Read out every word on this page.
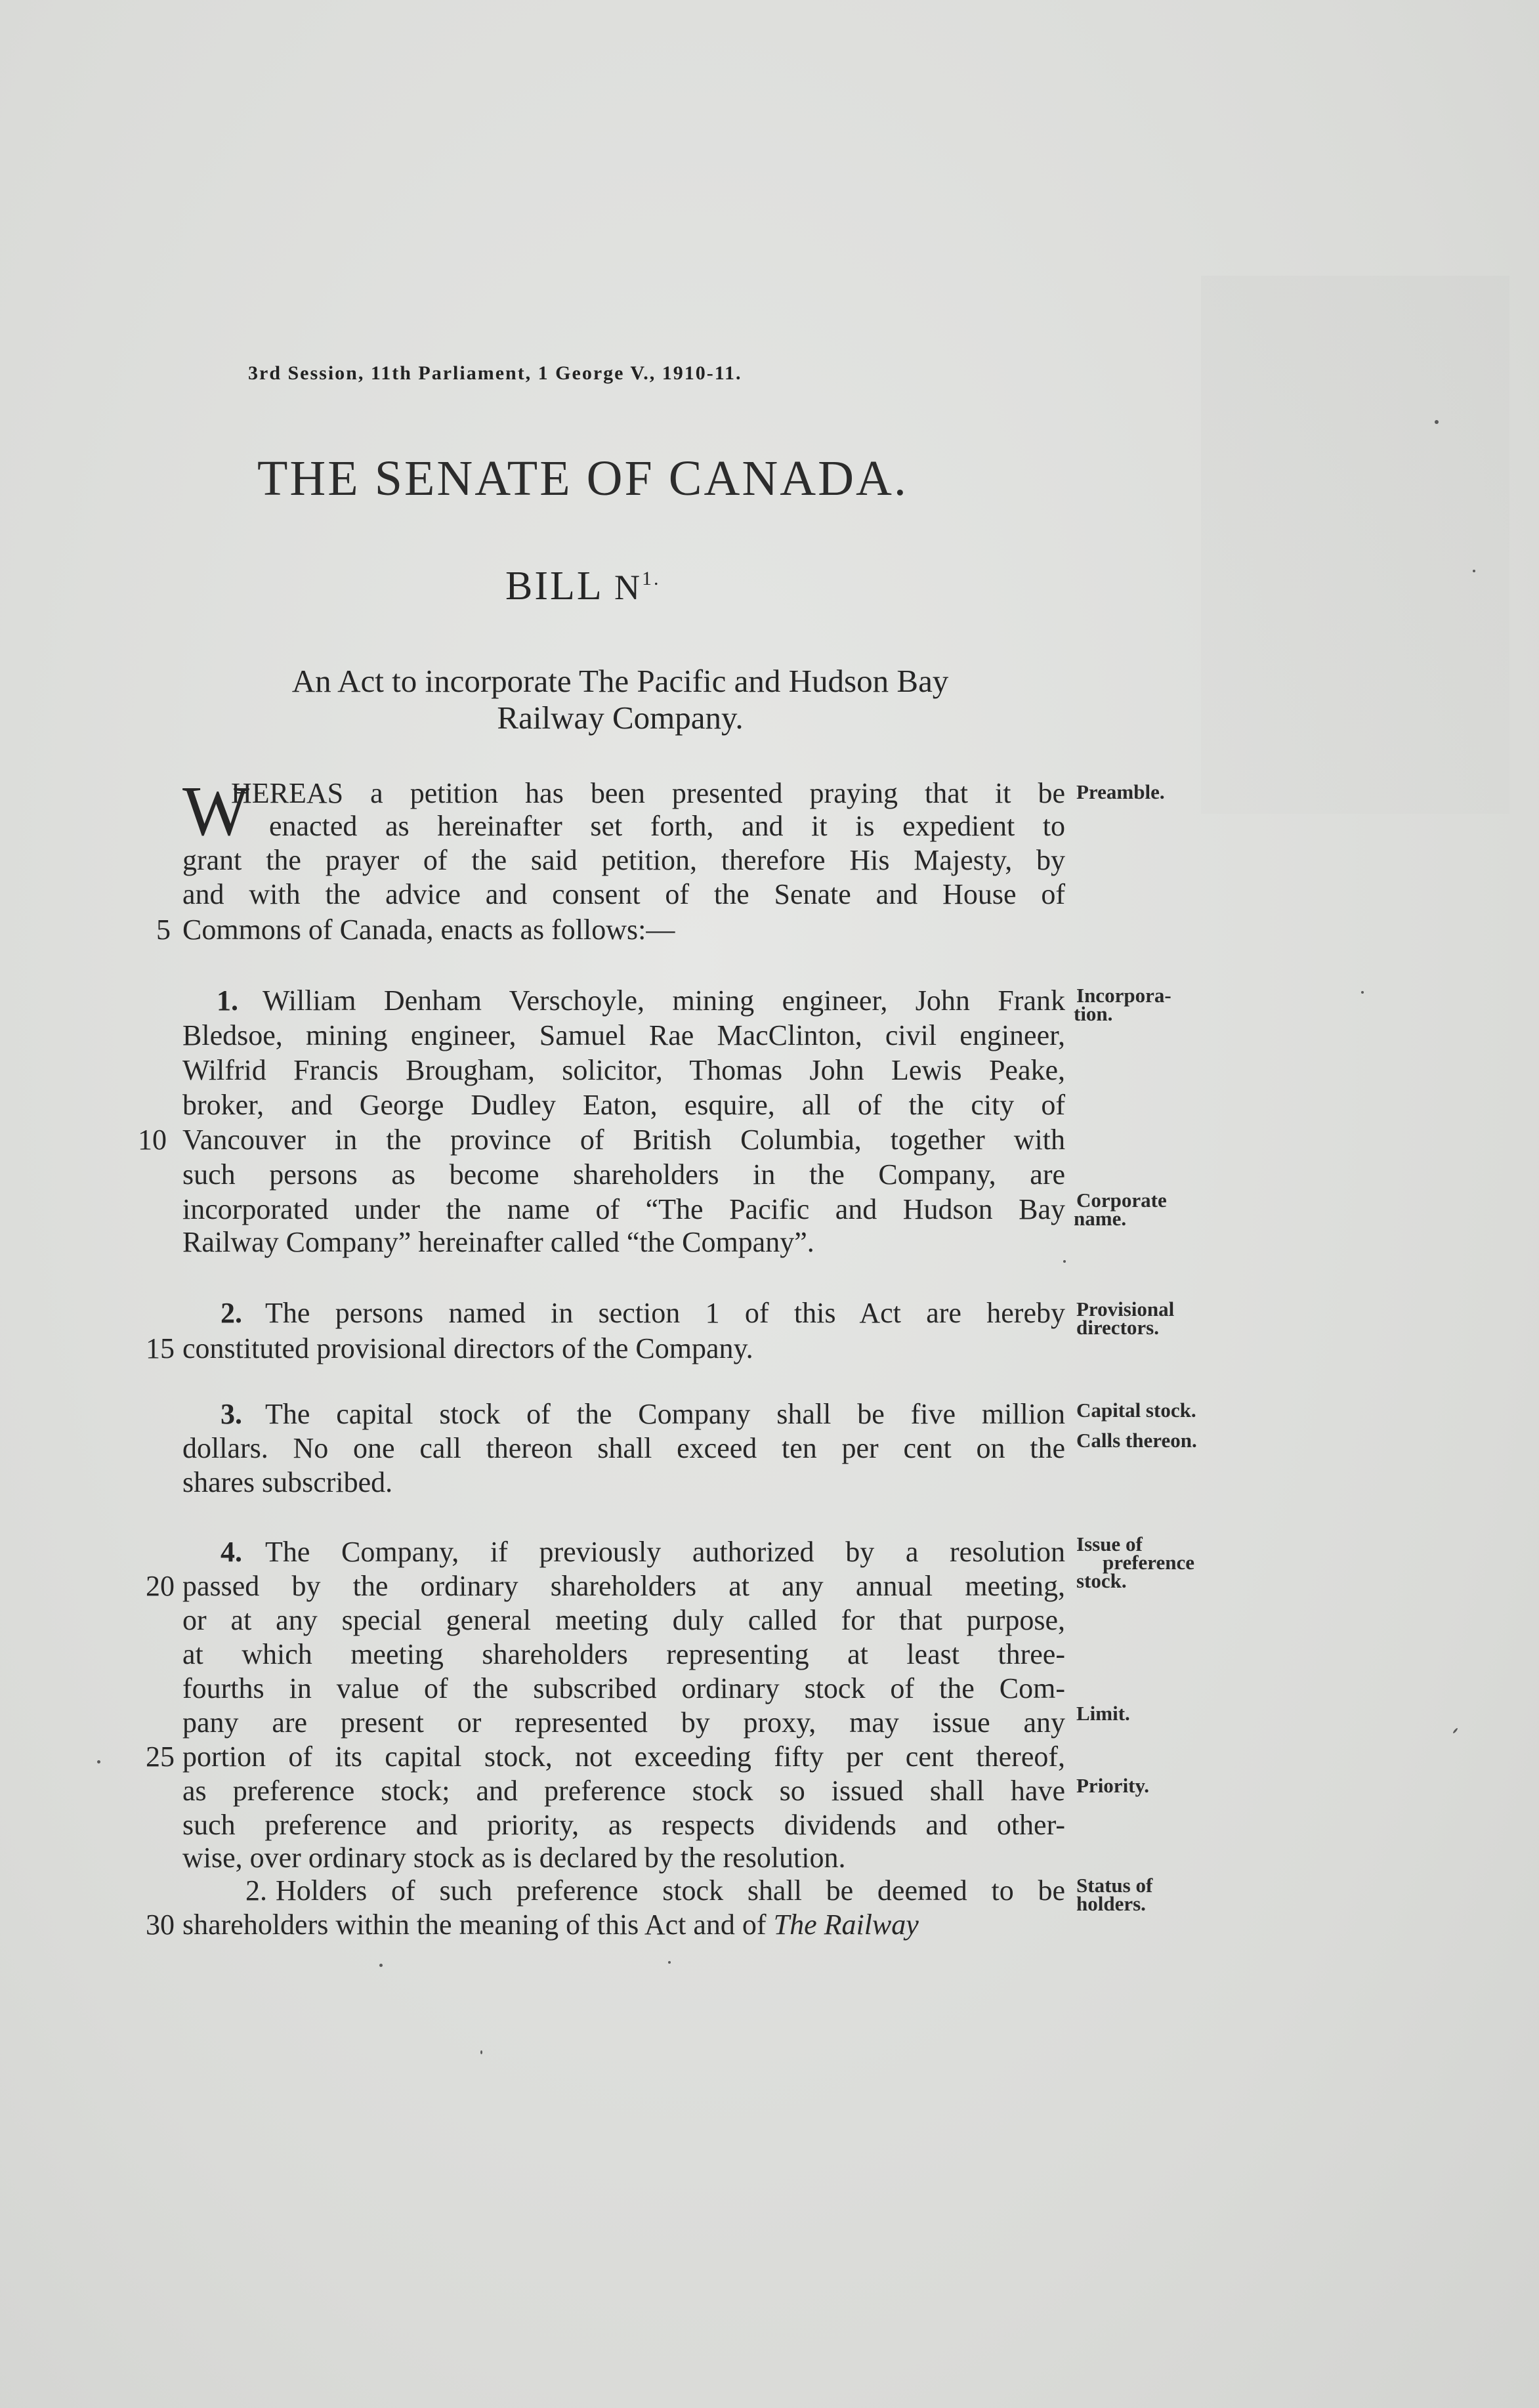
3rd Session, 11th Parliament, 1 George V., 1910-11.
THE SENATE OF CANADA.
BILL $N^{1.}$
An Act to incorporate The Pacific and Hudson Bay
Railway Company.
W
HEREAS a petition has been presented praying that it be
enacted as hereinafter set forth, and it is expedient to
grant the prayer of the said petition, therefore His Majesty, by
and with the advice and consent of the Senate and House of
Commons of Canada, enacts as follows:—
5
1. William Denham Verschoyle, mining engineer, John Frank
Bledsoe, mining engineer, Samuel Rae MacClinton, civil engineer,
Wilfrid Francis Brougham, solicitor, Thomas John Lewis Peake,
broker, and George Dudley Eaton, esquire, all of the city of
Vancouver in the province of British Columbia, together with
10
such persons as become shareholders in the Company, are
incorporated under the name of “The Pacific and Hudson Bay
Railway Company” hereinafter called “the Company”.
2. The persons named in section 1 of this Act are hereby
constituted provisional directors of the Company.
15
3. The capital stock of the Company shall be five million
dollars. No one call thereon shall exceed ten per cent on the
shares subscribed.
4. The Company, if previously authorized by a resolution
passed by the ordinary shareholders at any annual meeting,
20
or at any special general meeting duly called for that purpose,
at which meeting shareholders representing at least three-
fourths in value of the subscribed ordinary stock of the Com-
pany are present or represented by proxy, may issue any
portion of its capital stock, not exceeding fifty per cent thereof,
25
as preference stock; and preference stock so issued shall have
such preference and priority, as respects dividends and other-
wise, over ordinary stock as is declared by the resolution.
2. Holders of such preference stock shall be deemed to be
shareholders within the meaning of this Act and of The Railway
30
Preamble.
Incorpora-
tion.
Corporate
name.
Provisional
directors.
Capital stock.
Calls thereon.
Issue of
preference
stock.
Limit.
Priority.
Status of
holders.
